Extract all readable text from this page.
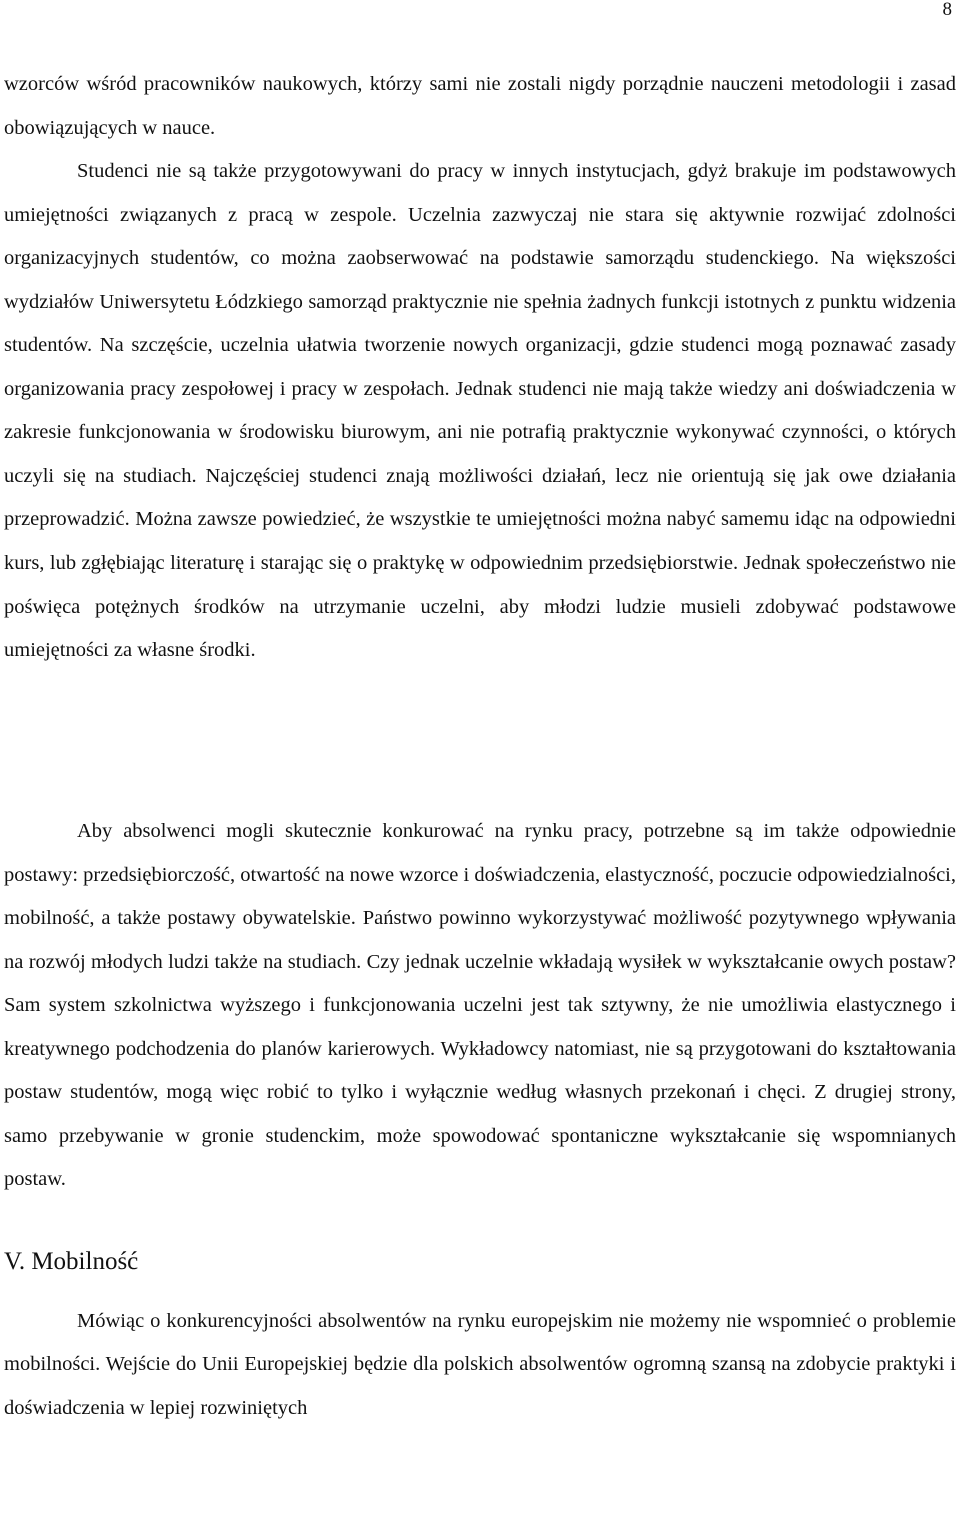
8

wzorców wśród pracowników naukowych, którzy sami nie zostali nigdy porządnie nauczeni metodologii i zasad obowiązujących w nauce.

Studenci nie są także przygotowywani do pracy w innych instytucjach, gdyż brakuje im podstawowych umiejętności związanych z pracą w zespole. Uczelnia zazwyczaj nie stara się aktywnie rozwijać zdolności organizacyjnych studentów, co można zaobserwować na podstawie samorządu studenckiego. Na większości wydziałów Uniwersytetu Łódzkiego samorząd praktycznie nie spełnia żadnych funkcji istotnych z punktu widzenia studentów. Na szczęście, uczelnia ułatwia tworzenie nowych organizacji, gdzie studenci mogą poznawać zasady organizowania pracy zespołowej i pracy w zespołach. Jednak studenci nie mają także wiedzy ani doświadczenia w zakresie funkcjonowania w środowisku biurowym, ani nie potrafią praktycznie wykonywać czynności, o których uczyli się na studiach. Najczęściej studenci znają możliwości działań, lecz nie orientują się jak owe działania przeprowadzić. Można zawsze powiedzieć, że wszystkie te umiejętności można nabyć samemu idąc na odpowiedni kurs, lub zgłębiając literaturę i starając się o praktykę w odpowiednim przedsiębiorstwie. Jednak społeczeństwo nie poświęca potężnych środków na utrzymanie uczelni, aby młodzi ludzie musieli zdobywać podstawowe umiejętności za własne środki.

Aby absolwenci mogli skutecznie konkurować na rynku pracy, potrzebne są im także odpowiednie postawy: przedsiębiorczość, otwartość na nowe wzorce i doświadczenia, elastyczność, poczucie odpowiedzialności, mobilność, a także postawy obywatelskie. Państwo powinno wykorzystywać możliwość pozytywnego wpływania na rozwój młodych ludzi także na studiach. Czy jednak uczelnie wkładają wysiłek w wykształcanie owych postaw? Sam system szkolnictwa wyższego i funkcjonowania uczelni jest tak sztywny, że nie umożliwia elastycznego i kreatywnego podchodzenia do planów karierowych. Wykładowcy natomiast, nie są przygotowani do kształtowania postaw studentów, mogą więc robić to tylko i wyłącznie według własnych przekonań i chęci. Z drugiej strony, samo przebywanie w gronie studenckim, może spowodować spontaniczne wykształcanie się wspomnianych postaw.

V. Mobilność

Mówiąc o konkurencyjności absolwentów na rynku europejskim nie możemy nie wspomnieć o problemie mobilności. Wejście do Unii Europejskiej będzie dla polskich absolwentów ogromną szansą na zdobycie praktyki i doświadczenia w lepiej rozwiniętych
